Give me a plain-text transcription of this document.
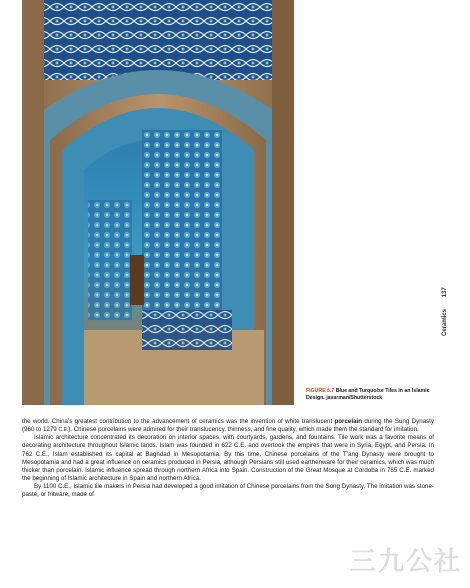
FIGURE 8.7 Blue and Turquoise Tiles in an Islamic Design. javarman/Shutterstock
Ceramics 137

the world. China’s greatest contribution to the advancement of ceramics was the invention of white translucent porcelain during the Sung Dynasty (960 to 1279 C.E.). Chinese porcelains were admired for their translucency, thinness, and fine quality, which made them the standard for imitation.

Islamic architecture concentrated its decoration on interior spaces, with courtyards, gardens, and fountains. Tile work was a favorite means of decorating architecture throughout Islamic lands. Islam was founded in 622 C.E. and overtook the empires that were in Syria, Egypt, and Persia. In 762 C.E., Islam established its capital at Baghdad in Mesopotamia. By this time, Chinese porcelains of the T’ang Dynasty were brought to Mesopotamia and had a great influence on ceramics produced in Persia, although Persians still used earthenware for their ceramics, which was much thicker than porcelain. Islamic influence spread through northern Africa into Spain. Construction of the Great Mosque at Cordoba in 785 C.E. marked the beginning of Islamic architecture in Spain and northern Africa.

By 1100 C.E., Islamic tile makers in Persia had developed a good imitation of Chinese porcelains from the Song Dynasty. The imitation was stone-paste, or fritware, made of

三九公社
